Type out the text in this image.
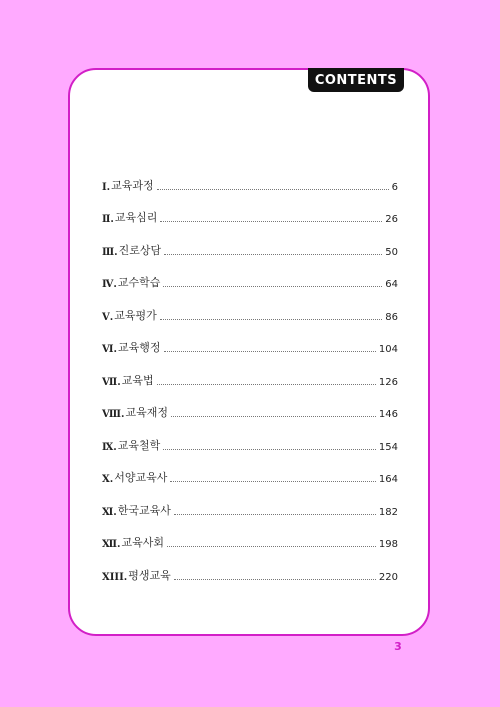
CONTENTS
Ⅰ. 교육과정	6
Ⅱ. 교육심리	26
Ⅲ. 진로상담	50
Ⅳ. 교수학습	64
Ⅴ. 교육평가	86
Ⅵ. 교육행정	104
Ⅶ. 교육법	126
Ⅷ. 교육재정	146
Ⅸ. 교육철학	154
Ⅹ. 서양교육사	164
Ⅺ. 한국교육사	182
Ⅻ. 교육사회	198
XIII. 평생교육	220
3
